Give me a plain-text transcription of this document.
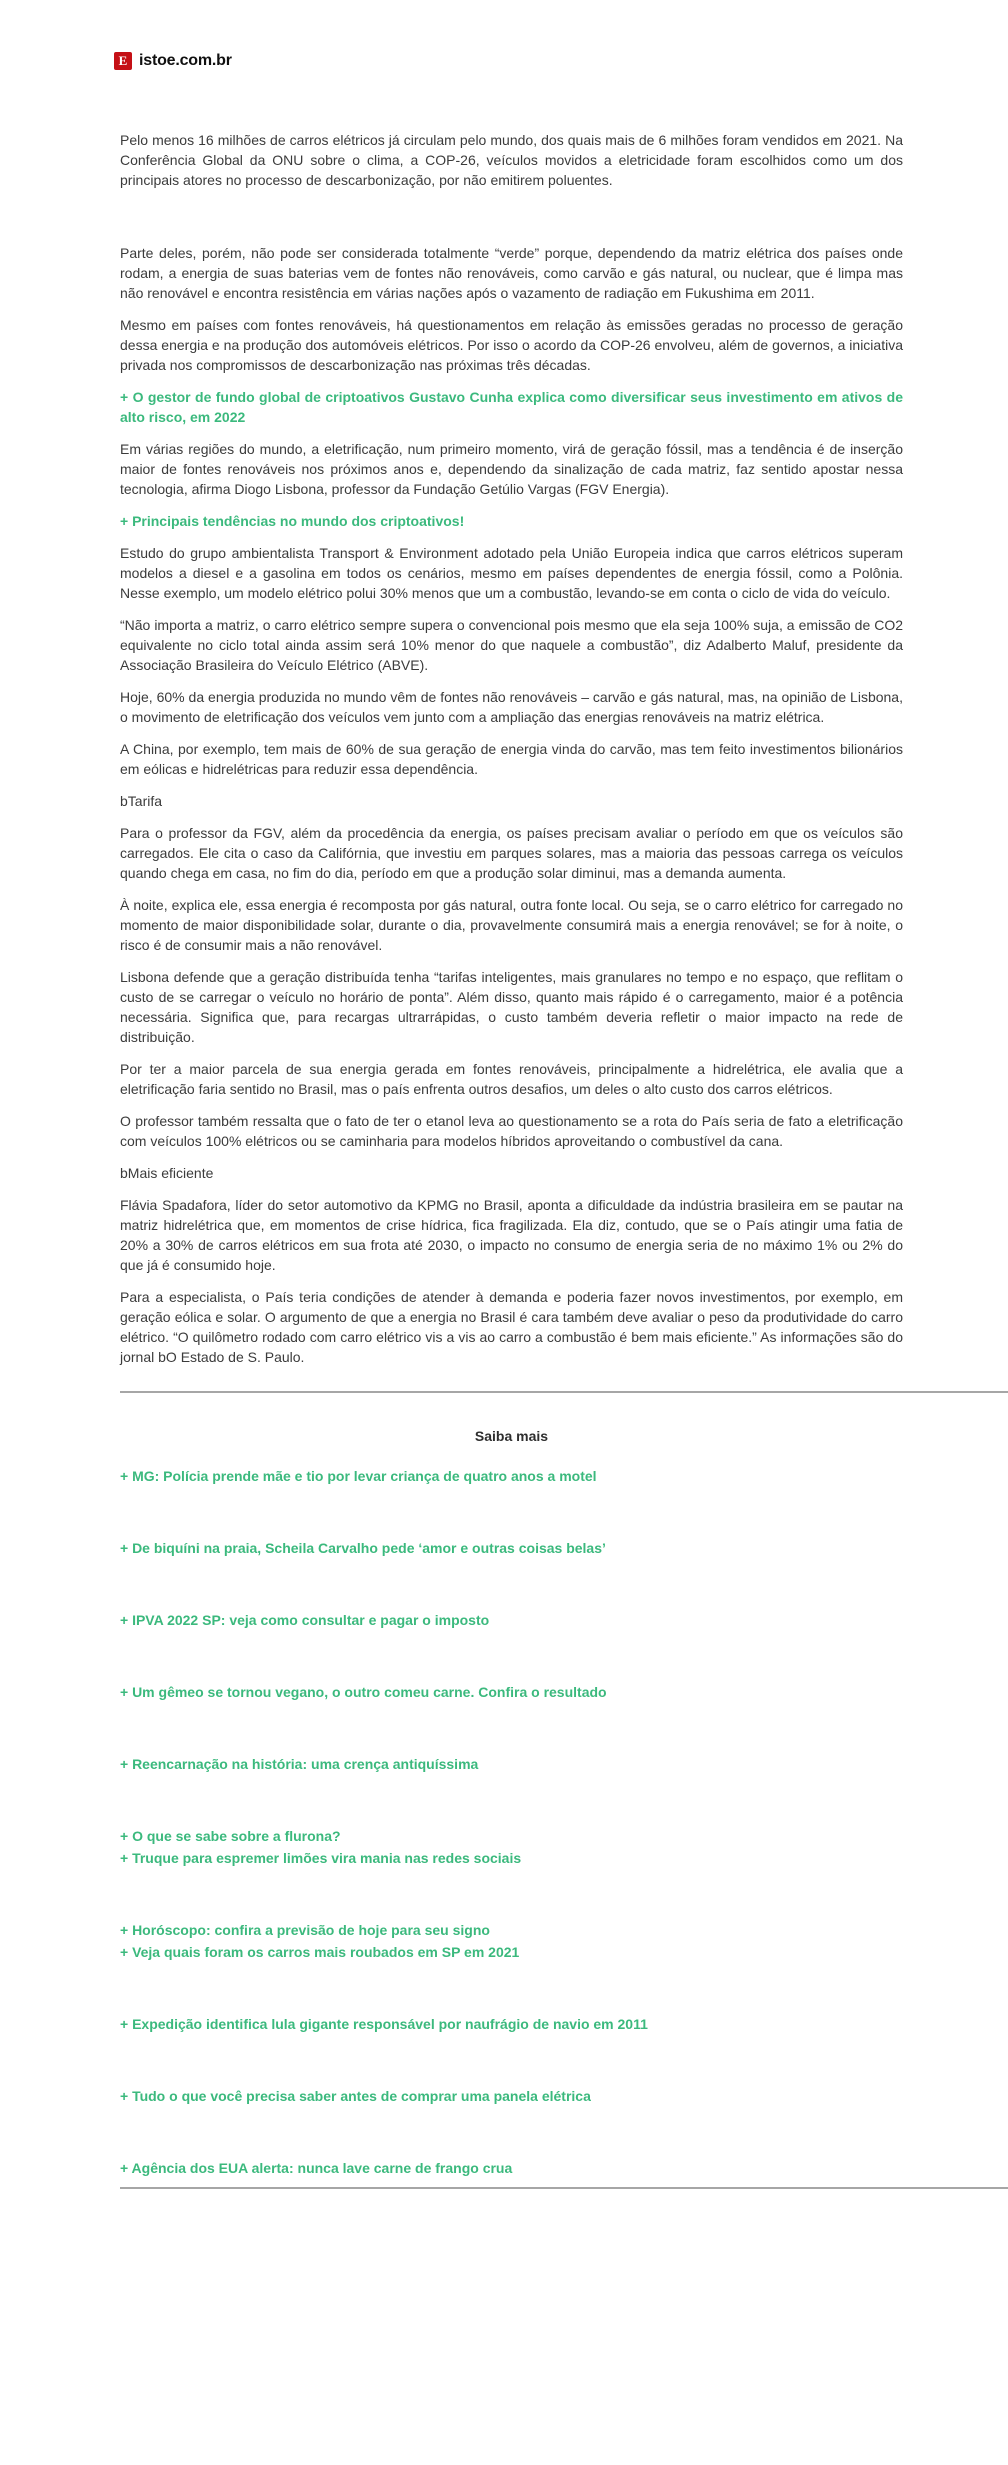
E istoe.com.br

Pelo menos 16 milhões de carros elétricos já circulam pelo mundo, dos quais mais de 6 milhões foram vendidos em 2021. Na Conferência Global da ONU sobre o clima, a COP-26, veículos movidos a eletricidade foram escolhidos como um dos principais atores no processo de descarbonização, por não emitirem poluentes.

Parte deles, porém, não pode ser considerada totalmente “verde” porque, dependendo da matriz elétrica dos países onde rodam, a energia de suas baterias vem de fontes não renováveis, como carvão e gás natural, ou nuclear, que é limpa mas não renovável e encontra resistência em várias nações após o vazamento de radiação em Fukushima em 2011.

Mesmo em países com fontes renováveis, há questionamentos em relação às emissões geradas no processo de geração dessa energia e na produção dos automóveis elétricos. Por isso o acordo da COP-26 envolveu, além de governos, a iniciativa privada nos compromissos de descarbonização nas próximas três décadas.

+ O gestor de fundo global de criptoativos Gustavo Cunha explica como diversificar seus investimento em ativos de alto risco, em 2022

Em várias regiões do mundo, a eletrificação, num primeiro momento, virá de geração fóssil, mas a tendência é de inserção maior de fontes renováveis nos próximos anos e, dependendo da sinalização de cada matriz, faz sentido apostar nessa tecnologia, afirma Diogo Lisbona, professor da Fundação Getúlio Vargas (FGV Energia).

+ Principais tendências no mundo dos criptoativos!

Estudo do grupo ambientalista Transport & Environment adotado pela União Europeia indica que carros elétricos superam modelos a diesel e a gasolina em todos os cenários, mesmo em países dependentes de energia fóssil, como a Polônia. Nesse exemplo, um modelo elétrico polui 30% menos que um a combustão, levando-se em conta o ciclo de vida do veículo.

“Não importa a matriz, o carro elétrico sempre supera o convencional pois mesmo que ela seja 100% suja, a emissão de CO2 equivalente no ciclo total ainda assim será 10% menor do que naquele a combustão”, diz Adalberto Maluf, presidente da Associação Brasileira do Veículo Elétrico (ABVE).

Hoje, 60% da energia produzida no mundo vêm de fontes não renováveis – carvão e gás natural, mas, na opinião de Lisbona, o movimento de eletrificação dos veículos vem junto com a ampliação das energias renováveis na matriz elétrica.

A China, por exemplo, tem mais de 60% de sua geração de energia vinda do carvão, mas tem feito investimentos bilionários em eólicas e hidrelétricas para reduzir essa dependência.

bTarifa

Para o professor da FGV, além da procedência da energia, os países precisam avaliar o período em que os veículos são carregados. Ele cita o caso da Califórnia, que investiu em parques solares, mas a maioria das pessoas carrega os veículos quando chega em casa, no fim do dia, período em que a produção solar diminui, mas a demanda aumenta.

À noite, explica ele, essa energia é recomposta por gás natural, outra fonte local. Ou seja, se o carro elétrico for carregado no momento de maior disponibilidade solar, durante o dia, provavelmente consumirá mais a energia renovável; se for à noite, o risco é de consumir mais a não renovável.

Lisbona defende que a geração distribuída tenha “tarifas inteligentes, mais granulares no tempo e no espaço, que reflitam o custo de se carregar o veículo no horário de ponta”. Além disso, quanto mais rápido é o carregamento, maior é a potência necessária. Significa que, para recargas ultrarrápidas, o custo também deveria refletir o maior impacto na rede de distribuição.

Por ter a maior parcela de sua energia gerada em fontes renováveis, principalmente a hidrelétrica, ele avalia que a eletrificação faria sentido no Brasil, mas o país enfrenta outros desafios, um deles o alto custo dos carros elétricos.

O professor também ressalta que o fato de ter o etanol leva ao questionamento se a rota do País seria de fato a eletrificação com veículos 100% elétricos ou se caminharia para modelos híbridos aproveitando o combustível da cana.

bMais eficiente

Flávia Spadafora, líder do setor automotivo da KPMG no Brasil, aponta a dificuldade da indústria brasileira em se pautar na matriz hidrelétrica que, em momentos de crise hídrica, fica fragilizada. Ela diz, contudo, que se o País atingir uma fatia de 20% a 30% de carros elétricos em sua frota até 2030, o impacto no consumo de energia seria de no máximo 1% ou 2% do que já é consumido hoje.

Para a especialista, o País teria condições de atender à demanda e poderia fazer novos investimentos, por exemplo, em geração eólica e solar. O argumento de que a energia no Brasil é cara também deve avaliar o peso da produtividade do carro elétrico. “O quilômetro rodado com carro elétrico vis a vis ao carro a combustão é bem mais eficiente.” As informações são do jornal bO Estado de S. Paulo.

Saiba mais
+ MG: Polícia prende mãe e tio por levar criança de quatro anos a motel
+ De biquíni na praia, Scheila Carvalho pede ‘amor e outras coisas belas’
+ IPVA 2022 SP: veja como consultar e pagar o imposto
+ Um gêmeo se tornou vegano, o outro comeu carne. Confira o resultado
+ Reencarnação na história: uma crença antiquíssima
+ O que se sabe sobre a flurona?
+ Truque para espremer limões vira mania nas redes sociais
+ Horóscopo: confira a previsão de hoje para seu signo
+ Veja quais foram os carros mais roubados em SP em 2021
+ Expedição identifica lula gigante responsável por naufrágio de navio em 2011
+ Tudo o que você precisa saber antes de comprar uma panela elétrica
+ Agência dos EUA alerta: nunca lave carne de frango crua
